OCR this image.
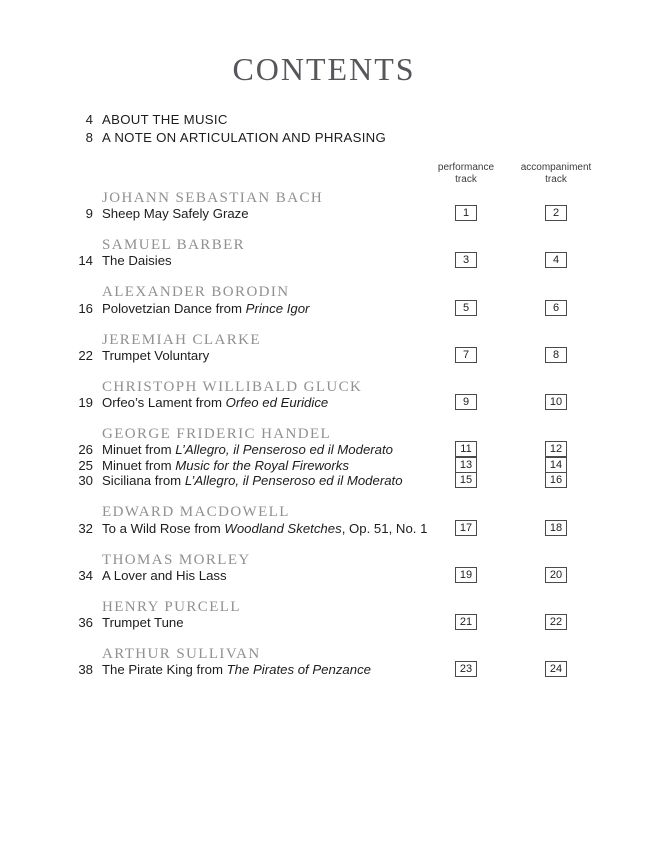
CONTENTS
4 ABOUT THE MUSIC
8 A NOTE ON ARTICULATION AND PHRASING
performance
track
accompaniment
track
JOHANN SEBASTIAN BACH
9 Sheep May Safely Graze	1	2
SAMUEL BARBER
14 The Daisies	3	4
ALEXANDER BORODIN
16 Polovetzian Dance from Prince Igor	5	6
JEREMIAH CLARKE
22 Trumpet Voluntary	7	8
CHRISTOPH WILLIBALD GLUCK
19 Orfeo’s Lament from Orfeo ed Euridice	9	10
GEORGE FRIDERIC HANDEL
26 Minuet from L’Allegro, il Penseroso ed il Moderato	11	12
25 Minuet from Music for the Royal Fireworks	13	14
30 Siciliana from L’Allegro, il Penseroso ed il Moderato	15	16
EDWARD MACDOWELL
32 To a Wild Rose from Woodland Sketches, Op. 51, No. 1	17	18
THOMAS MORLEY
34 A Lover and His Lass	19	20
HENRY PURCELL
36 Trumpet Tune	21	22
ARTHUR SULLIVAN
38 The Pirate King from The Pirates of Penzance	23	24
